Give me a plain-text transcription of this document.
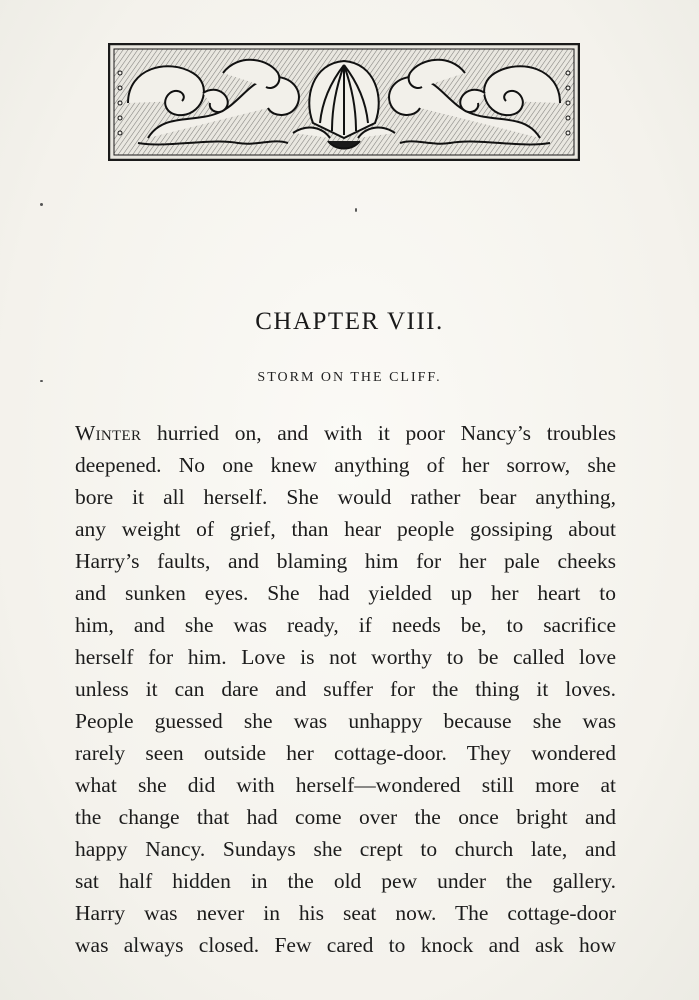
CHAPTER VIII.
STORM ON THE CLIFF.
Winter hurried on, and with it poor Nancy’s troubles
deepened. No one knew anything of her sorrow, she
bore it all herself. She would rather bear anything,
any weight of grief, than hear people gossiping about
Harry’s faults, and blaming him for her pale cheeks
and sunken eyes. She had yielded up her heart to
him, and she was ready, if needs be, to sacrifice
herself for him. Love is not worthy to be called love
unless it can dare and suffer for the thing it loves.
People guessed she was unhappy because she was
rarely seen outside her cottage-door. They wondered
what she did with herself—wondered still more at
the change that had come over the once bright and
happy Nancy. Sundays she crept to church late, and
sat half hidden in the old pew under the gallery.
Harry was never in his seat now. The cottage-door
was always closed. Few cared to knock and ask how
